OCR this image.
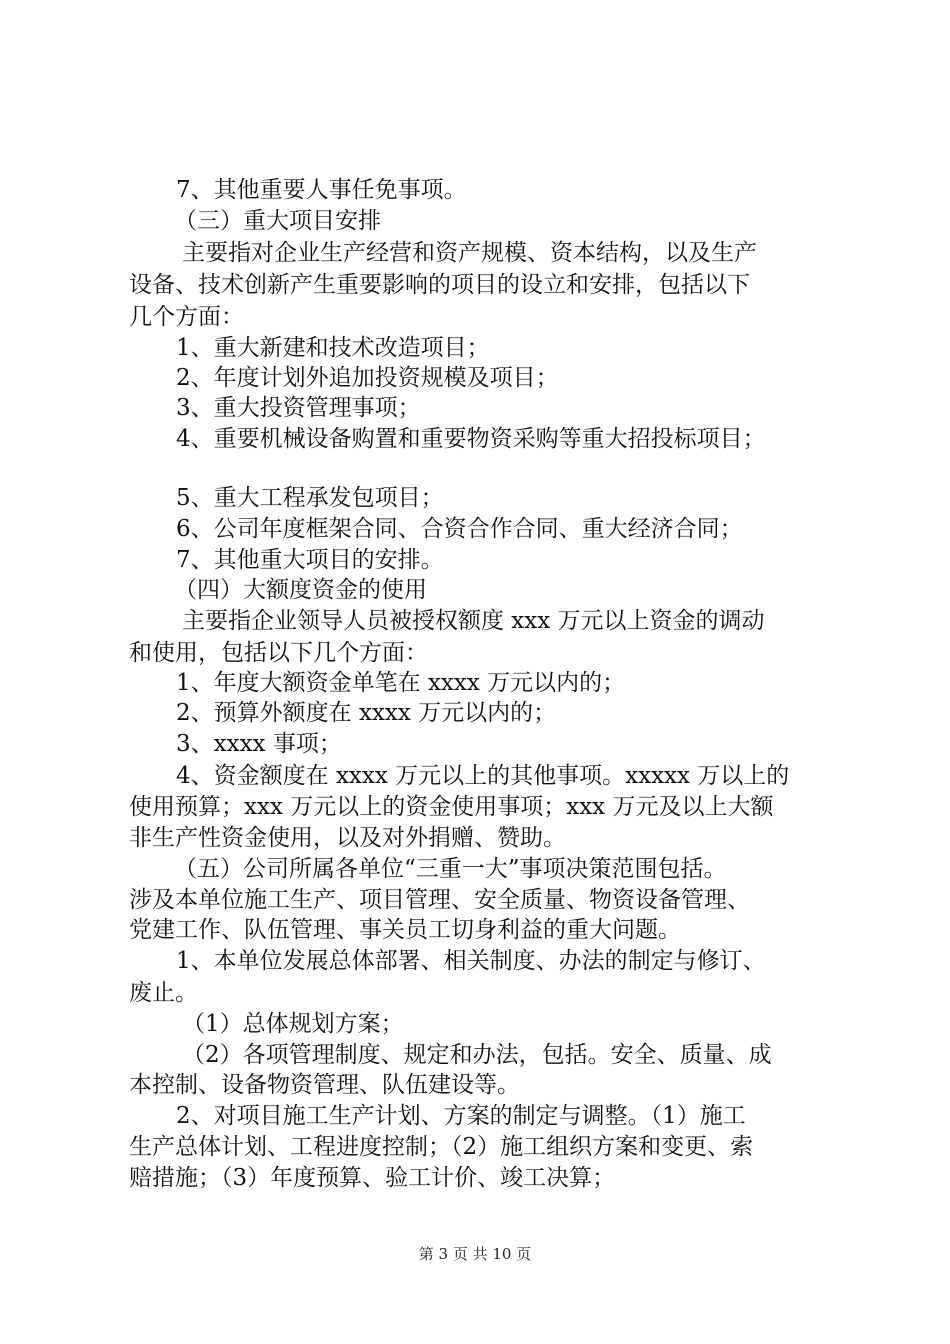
7、其他重要人事任免事项。

（三）重大项目安排

主要指对企业生产经营和资产规模、资本结构，以及生产

设备、技术创新产生重要影响的项目的设立和安排，包括以下

几个方面：

1、重大新建和技术改造项目；

2、年度计划外追加投资规模及项目；

3、重大投资管理事项；

4、重要机械设备购置和重要物资采购等重大招投标项目；

5、重大工程承发包项目；

6、公司年度框架合同、合资合作合同、重大经济合同；

7、其他重大项目的安排。

（四）大额度资金的使用

主要指企业领导人员被授权额度 xxx 万元以上资金的调动

和使用，包括以下几个方面：

1、年度大额资金单笔在 xxxx 万元以内的；

2、预算外额度在 xxxx 万元以内的；

3、xxxx 事项；

4、资金额度在 xxxx 万元以上的其他事项。xxxxx 万以上的

使用预算；xxx 万元以上的资金使用事项；xxx 万元及以上大额

非生产性资金使用，以及对外捐赠、赞助。

（五）公司所属各单位“三重一大”事项决策范围包括。

涉及本单位施工生产、项目管理、安全质量、物资设备管理、

党建工作、队伍管理、事关员工切身利益的重大问题。

1、本单位发展总体部署、相关制度、办法的制定与修订、

废止。

（1）总体规划方案；

（2）各项管理制度、规定和办法，包括。安全、质量、成

本控制、设备物资管理、队伍建设等。

2、对项目施工生产计划、方案的制定与调整。（1）施工

生产总体计划、工程进度控制；（2）施工组织方案和变更、索

赔措施；（3）年度预算、验工计价、竣工决算；

第 3 页 共 10 页
